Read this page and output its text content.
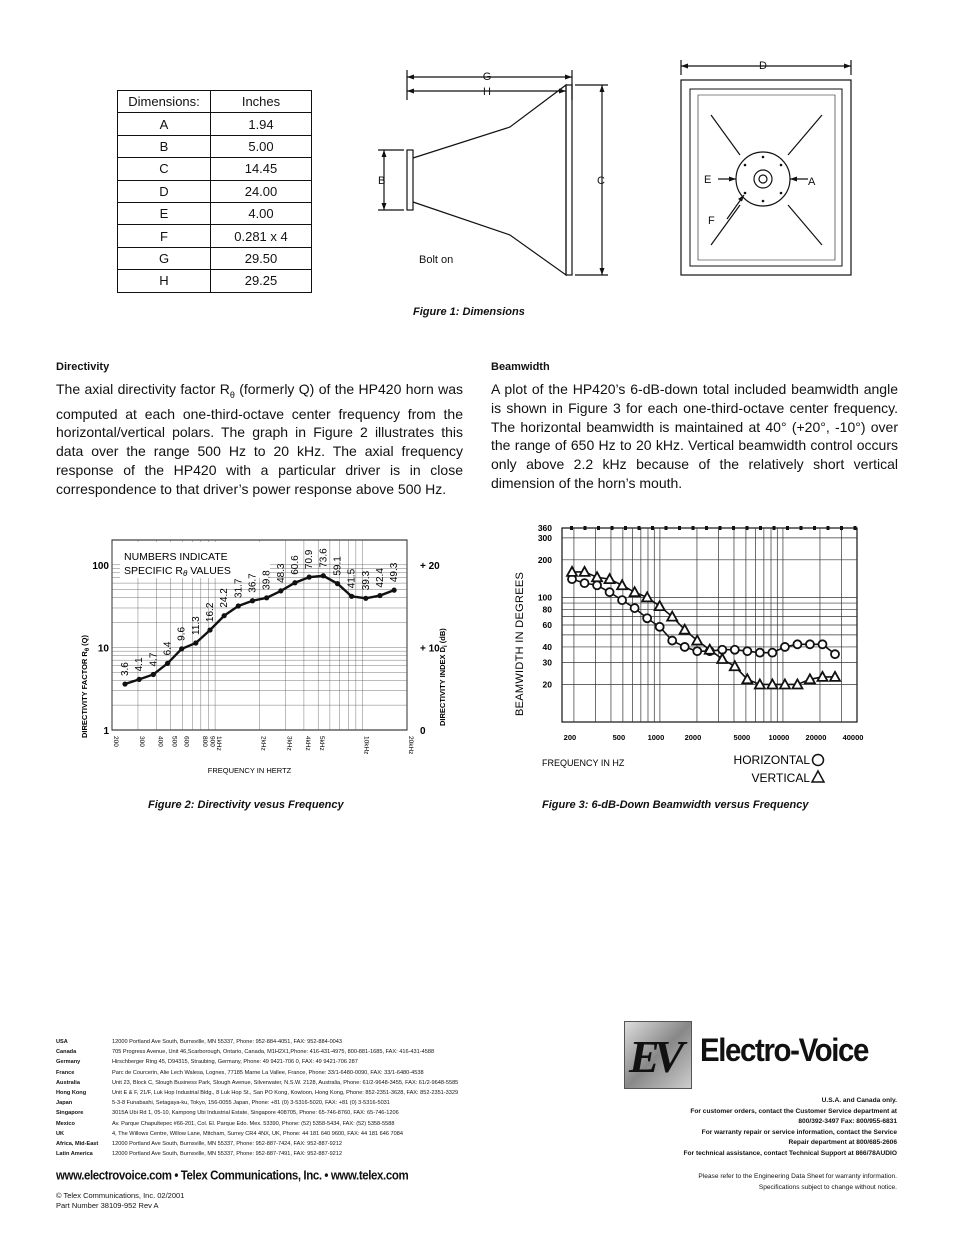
Dimensions:	Inches
A	1.94
B	5.00
C	14.45
D	24.00
E	4.00
F	0.281 x 4
G	29.50
H	29.25
G
H
B	C
D
E	A
F
Bolt on
Figure 1: Dimensions
Directivity
The axial directivity factor $R_\theta$ (formerly Q) of the HP420 horn was computed at each one-third-octave center frequency from the horizontal/vertical polars. The graph in Figure 2 illustrates this data over the range 500 Hz to 20 kHz. The axial frequency response of the HP420 with a particular driver is in close correspondence to that driver’s power response above 500 Hz.
Beamwidth
A plot of the HP420’s 6-dB-down total included beamwidth angle is shown in Figure 3 for each one-third-octave center frequency. The horizontal beamwidth is maintained at 40° (+20°, -10°) over the range of 650 Hz to 20 kHz. Vertical beamwidth control occurs only above 2.2 kHz because of the relatively short vertical dimension of the horn’s mouth.
NUMBERS INDICATE
SPECIFIC Rθ VALUES
1
10
100
0
+ 10
+ 20
DIRECTIVITY FACTOR $R_\theta$ (Q)
DIRECTIVITY INDEX $D_i$ (dB)
200	300 400 500 600 800 1kHz
900	2kHz	3kHz 4kHz 5kHz	10kHz	20kHz
FREQUENCY IN HERTZ
3.6 4.1 4.7
6.4
9.6 11.3
16.2
24.2 31.7 36.7 39.8 48.3 60.6 70.9 73.6 59.1
41.5 39.3 42.4 49.3
Figure 2: Directivity vesus Frequency
360
300
200
100
80
60
40
30
20
200	500	1000	2000	5000 10000 20000 40000
BEAMWIDTH IN DEGREES
FREQUENCY IN HZ	HORIZONTAL
VERTICAL
Figure 3: 6-dB-Down Beamwidth versus Frequency
USA	12000 Portland Ave South, Burnsville, MN 55337, Phone: 952-884-4051, FAX: 952-884-0043
Canada	705 Progress Avenue, Unit 46,Scarborough, Ontario, Canada, M1H2X1,Phone: 416-431-4975, 800-881-1685, FAX: 416-431-4588
Germany	Hirschberger Ring 45, D94315, Straubing, Germany, Phone: 49 9421-706 0, FAX: 49 9421-706 287
France	Parc de Courcerin, Alie Lech Walesa, Lognes, 77185 Marne La Vallee, France, Phone: 33/1-6480-0090, FAX: 33/1-6480-4538
Australia	Unit 23, Block C, Slough Business Park, Slough Avenue, Silverwater, N.S.W. 2128, Australia, Phone: 61/2-9648-3455, FAX: 61/2-9648-5585
Hong Kong	Unit E & F, 21/F, Luk Hop Industrial Bldg., 8 Luk Hop St., San PO Kong, Kowloon, Hong Kong, Phone: 852-2351-3628, FAX: 852-2351-3329
Japan	5-3-8 Funabashi, Setagaya-ku, Tokyo, 156-0055 Japan, Phone: +81 (0) 3-5316-5020, FAX: +81 (0) 3-5316-5031
Singapore	3015A Ubi Rd 1, 05-10, Kampong Ubi Industrial Estate, Singapore 408705, Phone: 65-746-8760, FAX: 65-746-1206
Mexico	Av. Parque Chapultepec #66-201, Col. El. Parque Edo. Mex. 53390, Phone: (52) 5358-5434, FAX: (52) 5358-5588
UK	4, The Willows Centre, Willow Lane, Mitcham, Surrey CR4 4NX, UK, Phone: 44 181 640 9600, FAX: 44 181 646 7084
Africa, Mid-East	12000 Portland Ave South, Burnsville, MN 55337, Phone: 952-887-7424, FAX: 952-887-9212
Latin America	12000 Portland Ave South, Burnsville, MN 55337, Phone: 952-887-7491, FAX: 952-887-9212
www.electrovoice.com • Telex Communications, Inc. • www.telex.com
© Telex Communications, Inc. 02/2001
Part Number 38109-952 Rev A
EV Electro-Voice
U.S.A. and Canada only.
For customer orders, contact the Customer Service department at
800/392-3497 Fax: 800/955-6831
For warranty repair or service information, contact the Service
Repair department at 800/685-2606
For technical assistance, contact Technical Support at 866/78AUDIO
Please refer to the Engineering Data Sheet for warranty information.
Specifications subject to change without notice.
